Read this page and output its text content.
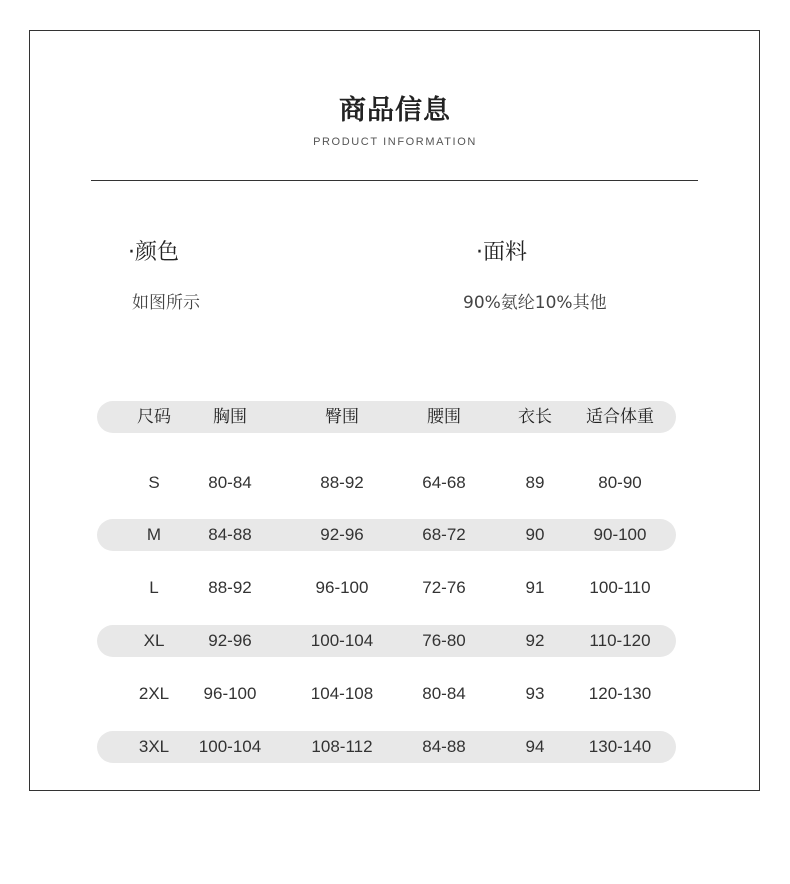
商品信息
PRODUCT INFORMATION
·颜色
如图所示
·面料
90%氨纶10%其他
尺码 胸围	臀围	腰围	衣长 适合体重
S	80-84	88-92	64-68	89	80-90
M	84-88	92-96	68-72	90	90-100
L	88-92	96-100	72-76	91	100-110
XL	92-96	100-104	76-80	92	110-120
2XL 96-100	104-108	80-84	93	120-130
3XL 100-104	108-112	84-88	94	130-140
